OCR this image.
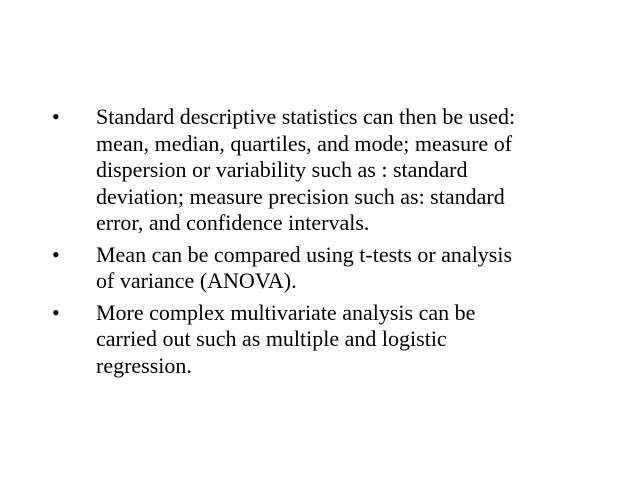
•	Standard descriptive statistics can then be used:
mean, median, quartiles, and mode; measure of
dispersion or variability such as : standard
deviation; measure precision such as: standard
error, and confidence intervals.
•	Mean can be compared using t-tests or analysis
of variance (ANOVA).
•	More complex multivariate analysis can be
carried out such as multiple and logistic
regression.
